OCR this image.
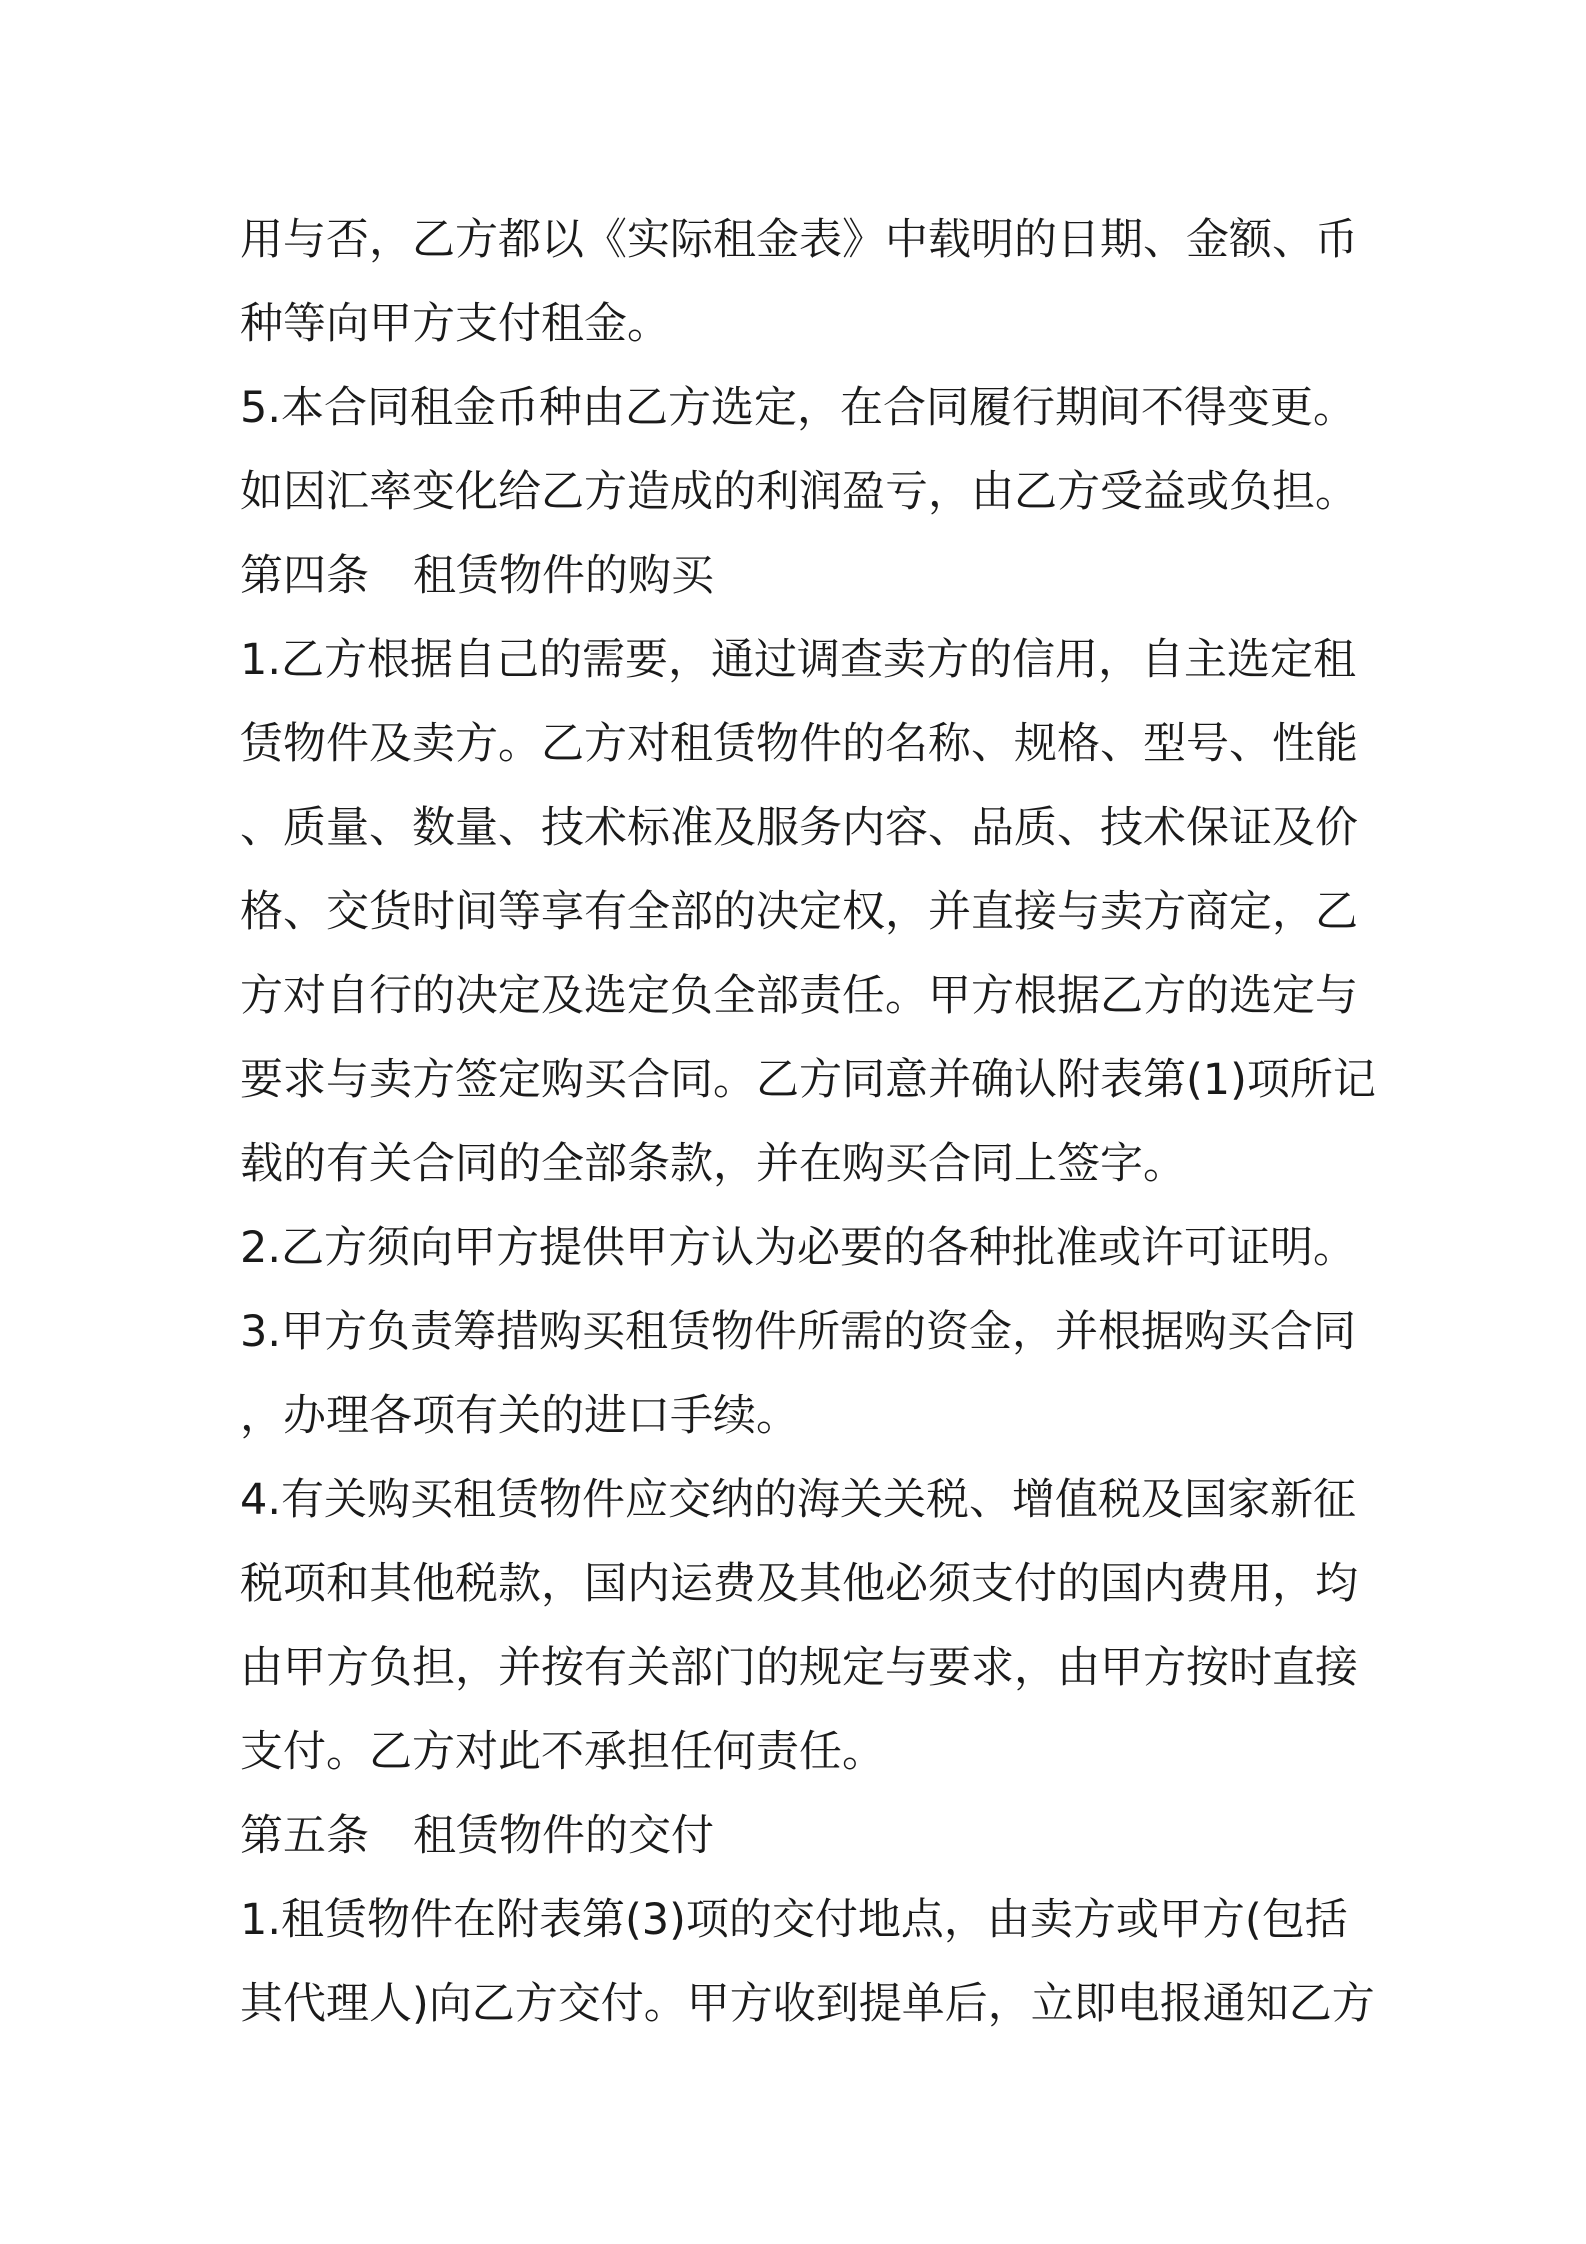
用与否，乙方都以《实际租金表》中载明的日期、金额、币
种等向甲方支付租金。
5.本合同租金币种由乙方选定，在合同履行期间不得变更。
如因汇率变化给乙方造成的利润盈亏，由乙方受益或负担。
第四条 租赁物件的购买
1.乙方根据自己的需要，通过调查卖方的信用，自主选定租
赁物件及卖方。乙方对租赁物件的名称、规格、型号、性能
、质量、数量、技术标准及服务内容、品质、技术保证及价
格、交货时间等享有全部的决定权，并直接与卖方商定，乙
方对自行的决定及选定负全部责任。甲方根据乙方的选定与
要求与卖方签定购买合同。乙方同意并确认附表第(1)项所记
载的有关合同的全部条款，并在购买合同上签字。
2.乙方须向甲方提供甲方认为必要的各种批准或许可证明。
3.甲方负责筹措购买租赁物件所需的资金，并根据购买合同
，办理各项有关的进口手续。
4.有关购买租赁物件应交纳的海关关税、增值税及国家新征
税项和其他税款，国内运费及其他必须支付的国内费用，均
由甲方负担，并按有关部门的规定与要求，由甲方按时直接
支付。乙方对此不承担任何责任。
第五条 租赁物件的交付
1.租赁物件在附表第(3)项的交付地点，由卖方或甲方(包括
其代理人)向乙方交付。甲方收到提单后，立即电报通知乙方
